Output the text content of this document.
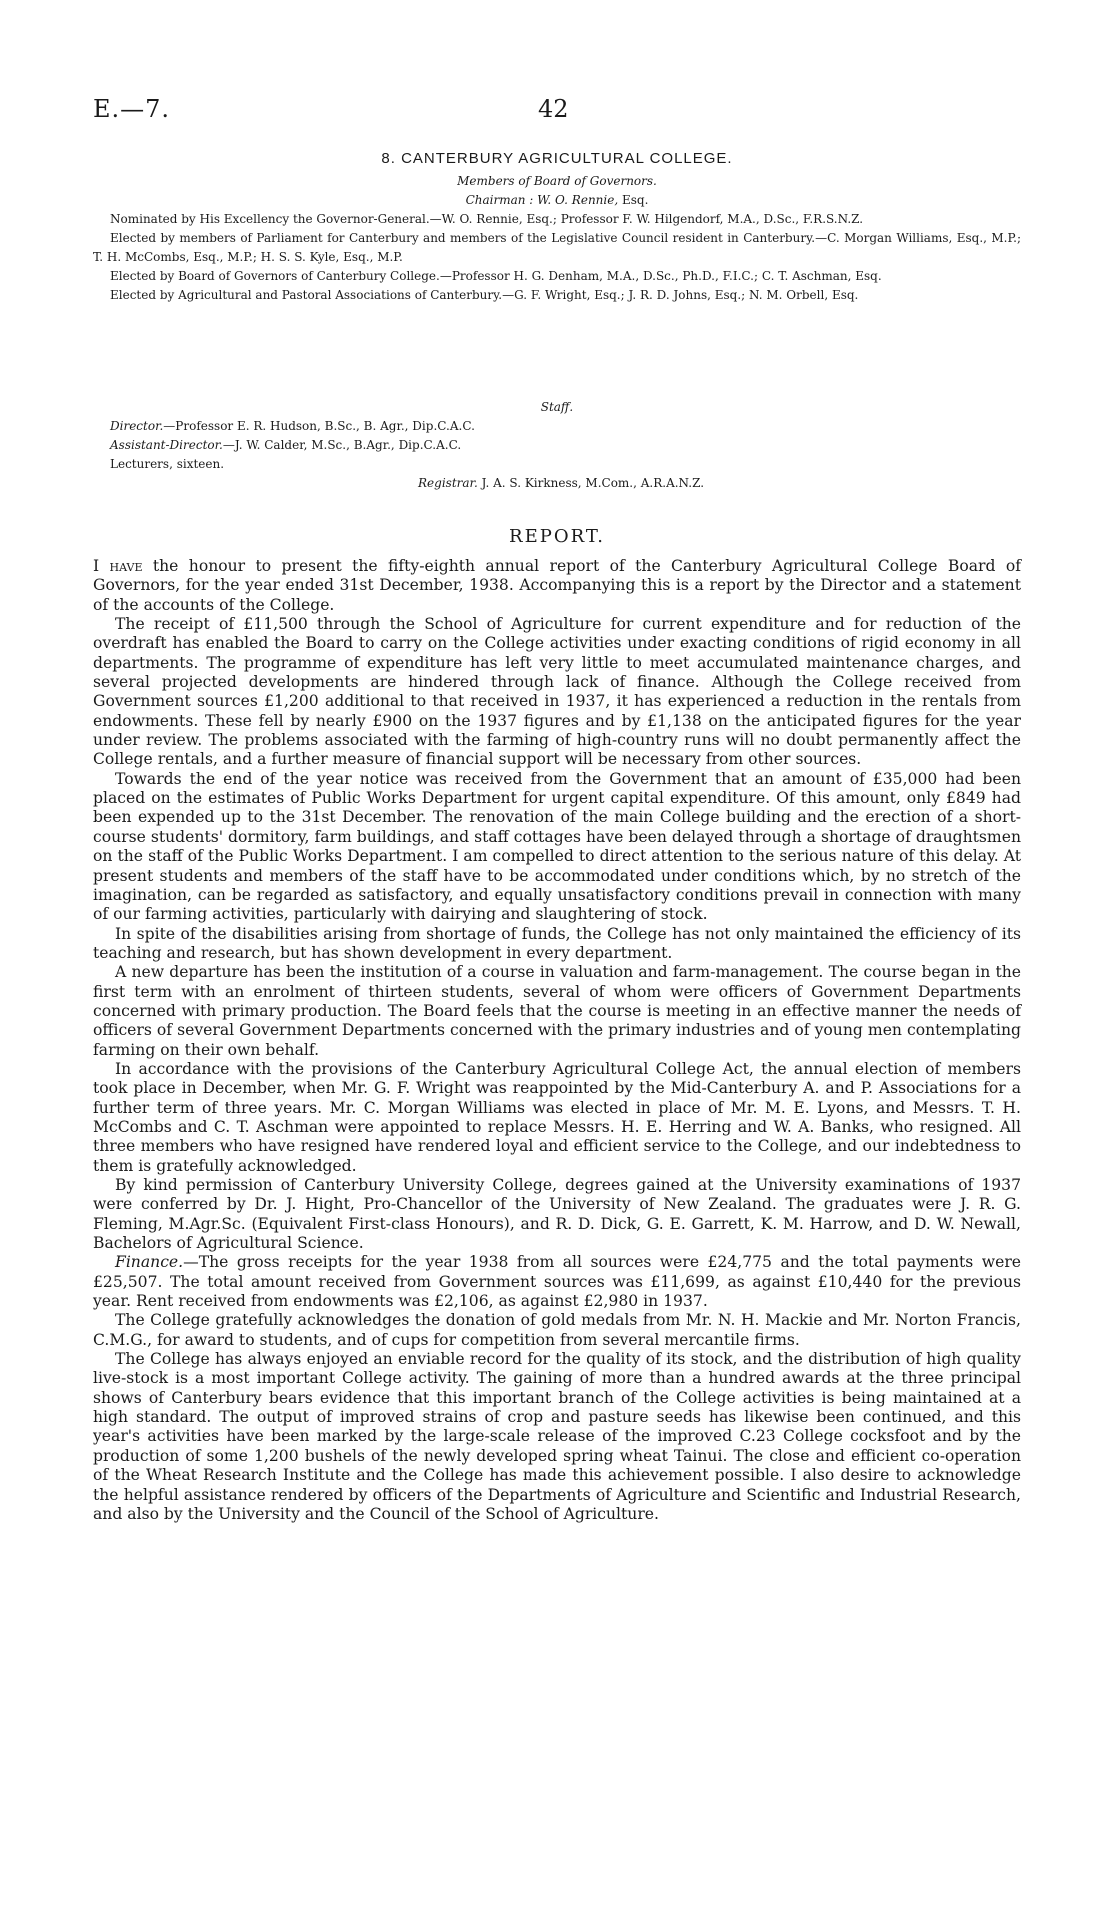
E.—7.	42
8. CANTERBURY AGRICULTURAL COLLEGE.
Members of Board of Governors.
Chairman : W. O. Rennie, Esq.

Nominated by His Excellency the Governor-General.—W. O. Rennie, Esq.; Professor F. W. Hilgendorf, M.A., D.Sc., F.R.S.N.Z.

Elected by members of Parliament for Canterbury and members of the Legislative Council resident in Canterbury.—C. Morgan Williams, Esq., M.P.; T. H. McCombs, Esq., M.P.; H. S. S. Kyle, Esq., M.P.

Elected by Board of Governors of Canterbury College.—Professor H. G. Denham, M.A., D.Sc., Ph.D., F.I.C.; C. T. Aschman, Esq.

Elected by Agricultural and Pastoral Associations of Canterbury.—G. F. Wright, Esq.; J. R. D. Johns, Esq.; N. M. Orbell, Esq.

Staff.

Director.—Professor E. R. Hudson, B.Sc., B. Agr., Dip.C.A.C.

Assistant-Director.—J. W. Calder, M.Sc., B.Agr., Dip.C.A.C.

Lecturers, sixteen.

Registrar. J. A. S. Kirkness, M.Com., A.R.A.N.Z.

REPORT.

I have the honour to present the fifty-eighth annual report of the Canterbury Agricultural College Board of Governors, for the year ended 31st December, 1938. Accompanying this is a report by the Director and a statement of the accounts of the College.

The receipt of £11,500 through the School of Agriculture for current expenditure and for reduction of the overdraft has enabled the Board to carry on the College activities under exacting conditions of rigid economy in all departments. The programme of expenditure has left very little to meet accumulated maintenance charges, and several projected developments are hindered through lack of finance. Although the College received from Government sources £1,200 additional to that received in 1937, it has experienced a reduction in the rentals from endowments. These fell by nearly £900 on the 1937 figures and by £1,138 on the anticipated figures for the year under review. The problems associated with the farming of high-country runs will no doubt permanently affect the College rentals, and a further measure of financial support will be necessary from other sources.

Towards the end of the year notice was received from the Government that an amount of £35,000 had been placed on the estimates of Public Works Department for urgent capital expenditure. Of this amount, only £849 had been expended up to the 31st December. The renovation of the main College building and the erection of a short-course students' dormitory, farm buildings, and staff cottages have been delayed through a shortage of draughtsmen on the staff of the Public Works Department. I am compelled to direct attention to the serious nature of this delay. At present students and members of the staff have to be accommodated under conditions which, by no stretch of the imagination, can be regarded as satisfactory, and equally unsatisfactory conditions prevail in connection with many of our farming activities, particularly with dairying and slaughtering of stock.

In spite of the disabilities arising from shortage of funds, the College has not only maintained the efficiency of its teaching and research, but has shown development in every department.

A new departure has been the institution of a course in valuation and farm-management. The course began in the first term with an enrolment of thirteen students, several of whom were officers of Government Departments concerned with primary production. The Board feels that the course is meeting in an effective manner the needs of officers of several Government Departments concerned with the primary industries and of young men contemplating farming on their own behalf.

In accordance with the provisions of the Canterbury Agricultural College Act, the annual election of members took place in December, when Mr. G. F. Wright was reappointed by the Mid-Canterbury A. and P. Associations for a further term of three years. Mr. C. Morgan Williams was elected in place of Mr. M. E. Lyons, and Messrs. T. H. McCombs and C. T. Aschman were appointed to replace Messrs. H. E. Herring and W. A. Banks, who resigned. All three members who have resigned have rendered loyal and efficient service to the College, and our indebtedness to them is gratefully acknowledged.

By kind permission of Canterbury University College, degrees gained at the University examinations of 1937 were conferred by Dr. J. Hight, Pro-Chancellor of the University of New Zealand. The graduates were J. R. G. Fleming, M.Agr.Sc. (Equivalent First-class Honours), and R. D. Dick, G. E. Garrett, K. M. Harrow, and D. W. Newall, Bachelors of Agricultural Science.

Finance.—The gross receipts for the year 1938 from all sources were £24,775 and the total payments were £25,507. The total amount received from Government sources was £11,699, as against £10,440 for the previous year. Rent received from endowments was £2,106, as against £2,980 in 1937.

The College gratefully acknowledges the donation of gold medals from Mr. N. H. Mackie and Mr. Norton Francis, C.M.G., for award to students, and of cups for competition from several mercantile firms.

The College has always enjoyed an enviable record for the quality of its stock, and the distribution of high quality live-stock is a most important College activity. The gaining of more than a hundred awards at the three principal shows of Canterbury bears evidence that this important branch of the College activities is being maintained at a high standard. The output of improved strains of crop and pasture seeds has likewise been continued, and this year's activities have been marked by the large-scale release of the improved C.23 College cocksfoot and by the production of some 1,200 bushels of the newly developed spring wheat Tainui. The close and efficient co-operation of the Wheat Research Institute and the College has made this achievement possible. I also desire to acknowledge the helpful assistance rendered by officers of the Departments of Agriculture and Scientific and Industrial Research, and also by the University and the Council of the School of Agriculture.
